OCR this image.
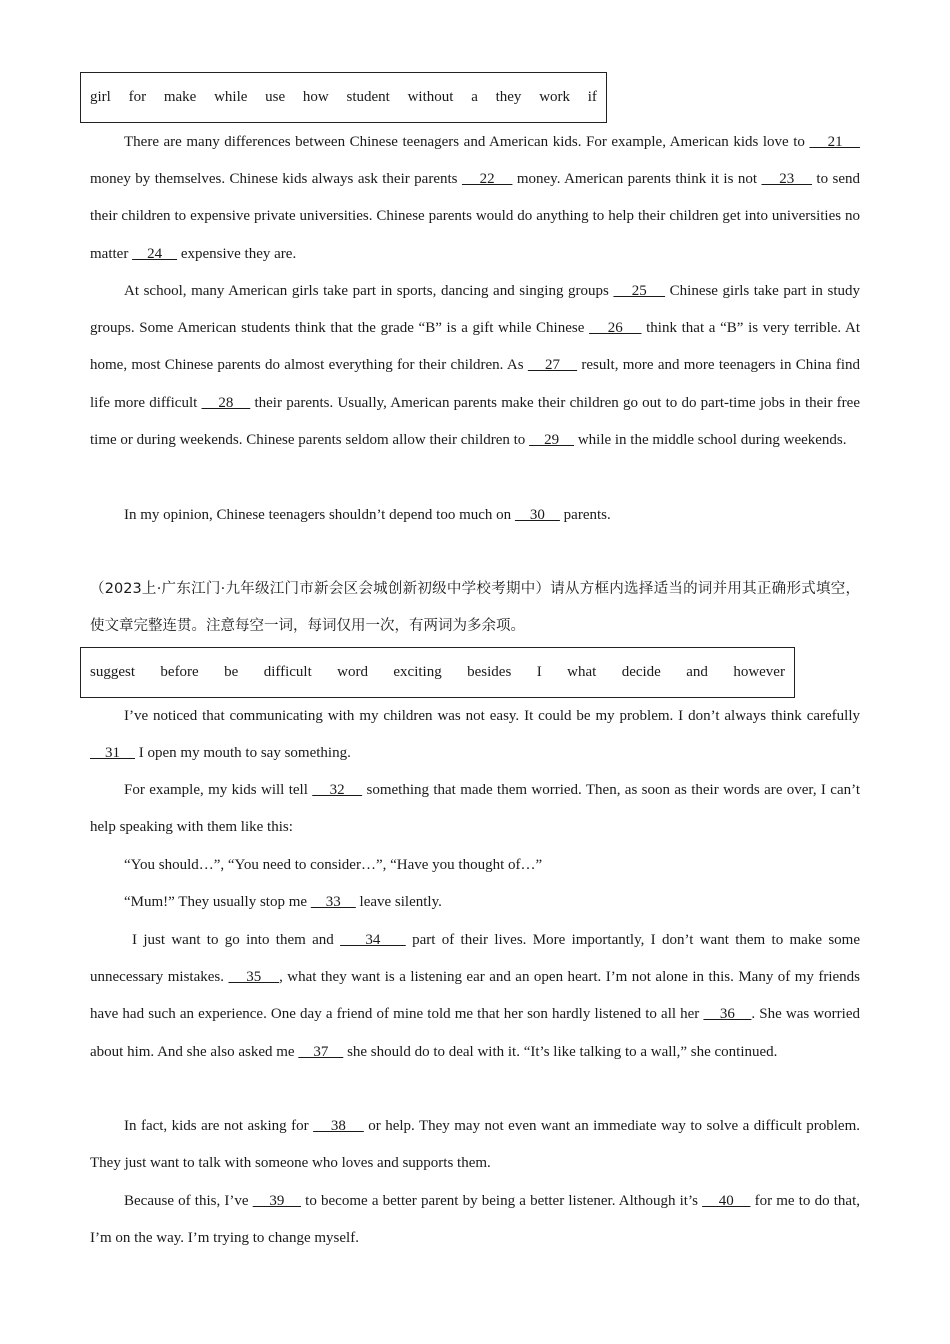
girl for make while use how student without a they work if
There are many differences between Chinese teenagers and American kids. For example, American kids love to     21     money by themselves. Chinese kids always ask their parents     22     money. American parents think it is not     23     to send their children to expensive private universities. Chinese parents would do anything to help their children get into universities no matter     24     expensive they are.
At school, many American girls take part in sports, dancing and singing groups     25     Chinese girls take part in study groups. Some American students think that the grade “B” is a gift while Chinese     26     think that a “B” is very terrible. At home, most Chinese parents do almost everything for their children. As     27     result, more and more teenagers in China find life more difficult     28     their parents. Usually, American parents make their children go out to do part-time jobs in their free time or during weekends. Chinese parents seldom allow their children to     29     while in the middle school during weekends.
In my opinion, Chinese teenagers shouldn’t depend too much on     30     parents.

（2023上·广东江门·九年级江门市新会区会城创新初级中学校考期中）请从方框内选择适当的词并用其正确形式填空，使文章完整连贯。注意每空一词，每词仅用一次，有两词为多余项。

suggest before be difficult word exciting besides I what decide and however
I’ve noticed that communicating with my children was not easy. It could be my problem. I don’t always think carefully     31     I open my mouth to say something.
For example, my kids will tell     32     something that made them worried. Then, as soon as their words are over, I can’t help speaking with them like this:
“You should…”, “You need to consider…”, “Have you thought of…”
“Mum!” They usually stop me     33     leave silently.
I just want to go into them and     34     part of their lives. More importantly, I don’t want them to make some unnecessary mistakes.     35    , what they want is a listening ear and an open heart. I’m not alone in this. Many of my friends have had such an experience. One day a friend of mine told me that her son hardly listened to all her     36    . She was worried about him. And she also asked me     37     she should do to deal with it. “It’s like talking to a wall,” she continued.
In fact, kids are not asking for     38     or help. They may not even want an immediate way to solve a difficult problem. They just want to talk with someone who loves and supports them.
Because of this, I’ve     39     to become a better parent by being a better listener. Although it’s     40     for me to do that, I’m on the way. I’m trying to change myself.
